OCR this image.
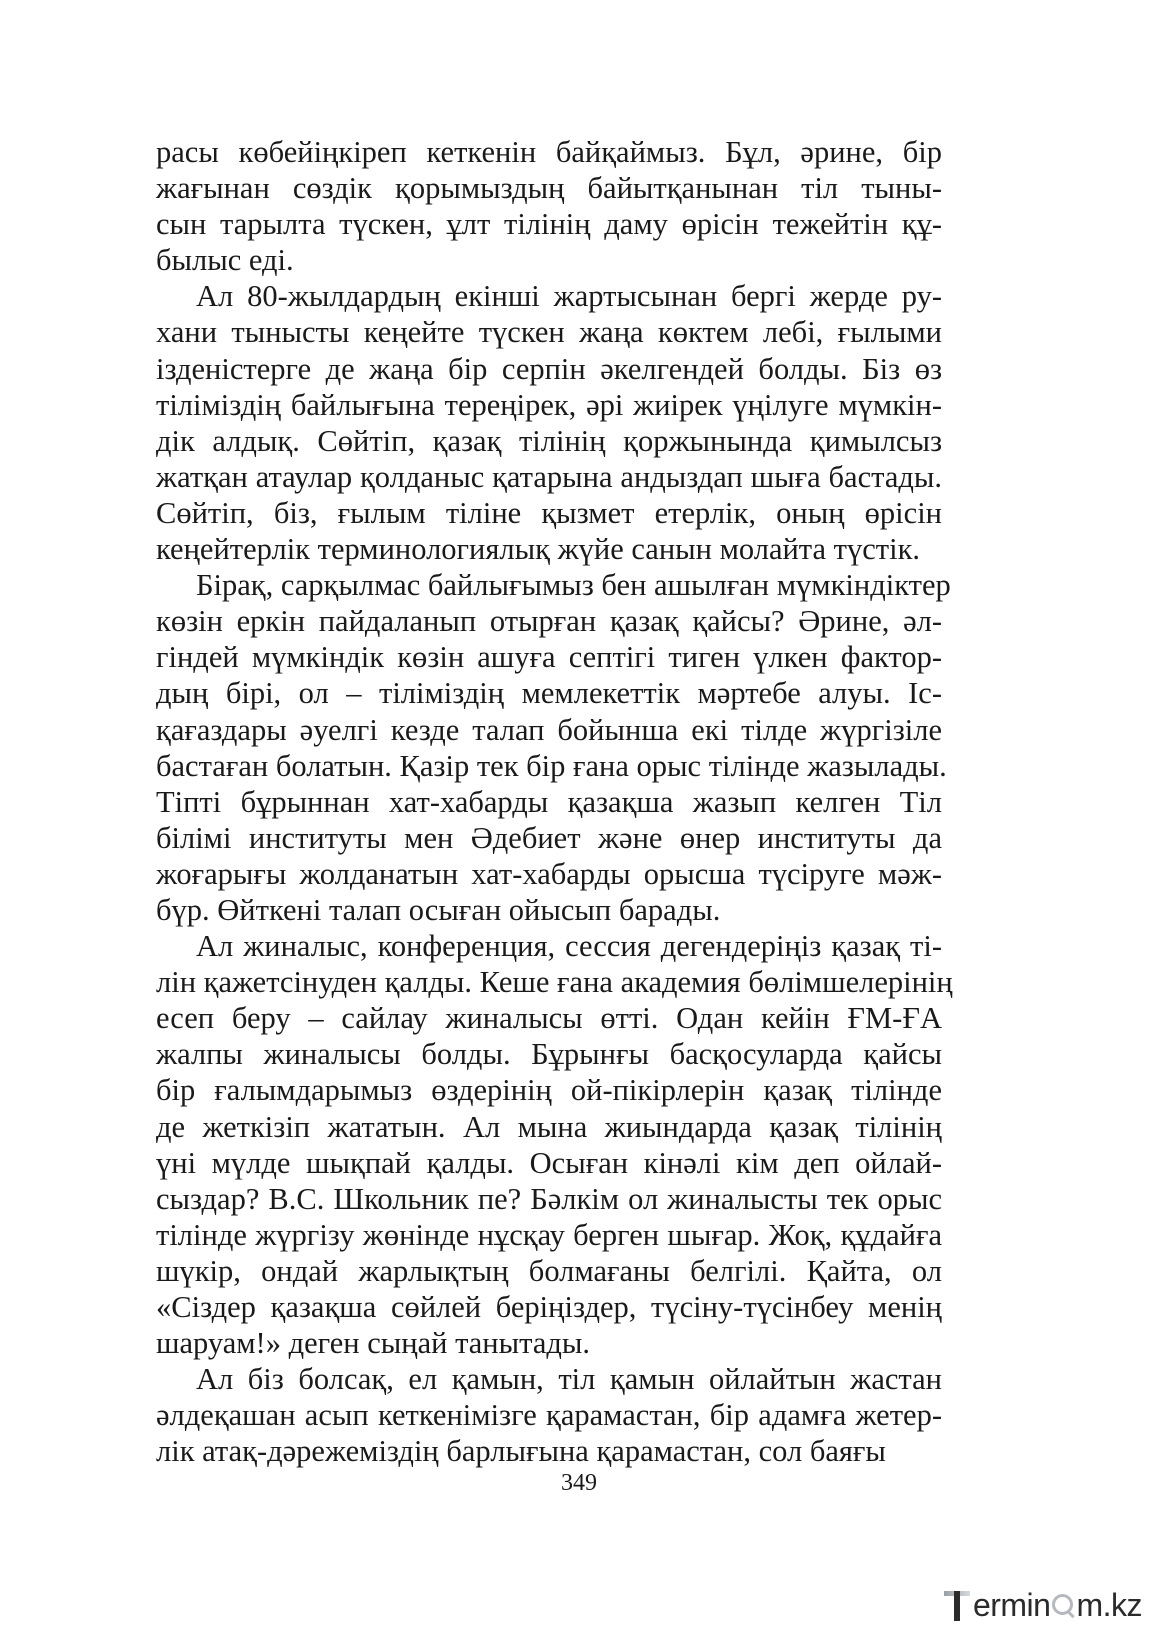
расы көбейіңкіреп кеткенін байқаймыз. Бұл, әрине, бір
жағынан сөздік қорымыздың байытқанынан тіл тыны-
сын тарылта түскен, ұлт тілінің даму өрісін тежейтін құ-
былыс еді.
Ал 80-жылдардың екінші жартысынан бергі жерде ру-
хани тынысты кеңейте түскен жаңа көктем лебі, ғылыми
ізденістерге де жаңа бір серпін әкелгендей болды. Біз өз
тіліміздің байлығына тереңірек, әрі жиірек үңілуге мүмкін-
дік алдық. Сөйтіп, қазақ тілінің қоржынында қимылсыз
жатқан атаулар қолданыс қатарына андыздап шыға бастады.
Сөйтіп, біз, ғылым тіліне қызмет етерлік, оның өрісін
кеңейтерлік терминологиялық жүйе санын молайта түстік.
Бірақ, сарқылмас байлығымыз бен ашылған мүмкіндіктер
көзін еркін пайдаланып отырған қазақ қайсы? Әрине, әл-
гіндей мүмкіндік көзін ашуға септігі тиген үлкен фактор-
дың бірі, ол – тіліміздің мемлекеттік мәртебе алуы. Іс-
қағаздары әуелгі кезде талап бойынша екі тілде жүргізіле
бастаған болатын. Қазір тек бір ғана орыс тілінде жазылады.
Тіпті бұрыннан хат-хабарды қазақша жазып келген Тіл
білімі институты мен Әдебиет және өнер институты да
жоғарығы жолданатын хат-хабарды орысша түсіруге мәж-
бүр. Өйткені талап осыған ойысып барады.
Ал жиналыс, конференция, сессия дегендеріңіз қазақ ті-
лін қажетсінуден қалды. Кеше ғана академия бөлімшелерінің
есеп беру – сайлау жиналысы өтті. Одан кейін ҒМ-ҒА
жалпы жиналысы болды. Бұрынғы басқосуларда қайсы
бір ғалымдарымыз өздерінің ой-пікірлерін қазақ тілінде
де жеткізіп жататын. Ал мына жиындарда қазақ тілінің
үні мүлде шықпай қалды. Осыған кінәлі кім деп ойлай-
сыздар? В.С. Школьник пе? Бәлкім ол жиналысты тек орыс
тілінде жүргізу жөнінде нұсқау берген шығар. Жоқ, құдайға
шүкір, ондай жарлықтың болмағаны белгілі. Қайта, ол
«Сіздер қазақша сөйлей беріңіздер, түсіну-түсінбеу менің
шаруам!» деген сыңай танытады.
Ал біз болсақ, ел қамын, тіл қамын ойлайтын жастан
әлдеқашан асып кеткенімізге қарамастан, бір адамға жетер-
лік атақ-дәрежеміздің барлығына қарамастан, сол баяғы
349
ermin m.kz
